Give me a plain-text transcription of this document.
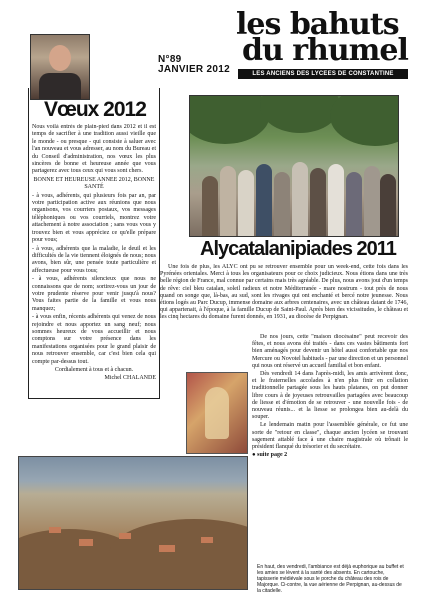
N°89
JANVIER 2012
les bahuts
du rhumel
LES ANCIENS DES LYCEES DE CONSTANTINE
Vœux 2012

Nous voilà entrés de plain-pied dans 2012 et il est temps de sacrifier à une tradition aussi vieille que le monde - ou presque - qui consiste à saluer avec l'an nouveau et vous adresser, au nom du Bureau et du Conseil d'administration, nos vœux les plus sincères de bonne et heureuse année que vous partagerez avec tous ceux qui vous sont chers.

BONNE ET HEUREUSE ANNEE 2012, BONNE SANTÉ

- à vous, adhérents, qui plusieurs fois par an, par votre participation active aux réunions que nous organisons, vos courriers postaux, vos messages téléphoniques ou vos courriels, montrez votre attachement à notre association ; sans vous vous y trouvez bien et vous appréciez ce qu'elle prépare pour vous;

- à vous, adhérents que la maladie, le deuil et les difficultés de la vie tiennent éloignés de nous; nous avons, bien sûr, une pensée toute particulière et affectueuse pour vous tous;

- à vous, adhérents silencieux que nous ne connaissons que de nom; sortirez-vous un jour de votre prudente réserve pour venir jusqu'à nous? Vous faites partie de la famille et vous nous manquez;

- à vous enfin, récents adhérents qui venez de nous rejoindre et nous apportez un sang neuf; nous sommes heureux de vous accueillir et nous comptons sur votre présence dans les manifestations organisées pour le grand plaisir de nous retrouver ensemble, car c'est bien cela qui compte par-dessus tout.

Cordialement à tous et à chacun.

Michel CHALANDE

Alycatalanipiades 2011

Une fois de plus, les ALYC ont pu se retrouver ensemble pour un week-end, cette fois dans les Pyrénées orientales. Merci à tous les organisateurs pour ce choix judicieux. Nous étions dans une très belle région de France, mal connue par certains mais très agréable. De plus, nous avons joui d'un temps de rêve: ciel bleu catalan, soleil radieux et notre Méditerranée - mare nostrum - tout près de nous quand on songe que, là-bas, au sud, sont les rivages qui ont enchanté et bercé notre jeunesse. Nous étions logés au Parc Ducup, immense domaine aux arbres centenaires, avec un château datant de 1746, qui appartenait, à l'époque, à la famille Ducup de Saint-Paul. Après bien des vicissitudes, le château et les cinq hectares du domaine furent donnés, en 1931, au diocèse de Perpignan.

De nos jours, cette "maison diocésaine" peut recevoir des fêtes, et nous avons été traités - dans ces vastes bâtiments fort bien aménagés pour devenir un hôtel aussi confortable que nos Mercure ou Novotel habituels - par une direction et un personnel qui nous ont réservé un accueil familial et bon enfant.

Dès vendredi 14 dans l'après-midi, les amis arrivèrent donc, et le fraternelles accolades à n'en plus finir en collation traditionnelle partagée sous les hauts platanes, on put donner libre cours à de joyeuses retrouvailles partagées avec beaucoup de liesse et d'émotion de se retrouver - une nouvelle fois - de nouveau réunis... et la liesse se prolongea bien au-delà du souper.

Le lendemain matin pour l'assemblée générale, ce fut une sorte de "retour en classe", chaque ancien lycéen se trouvant sagement attablé face à une chaire magistrale où trônait le président flanqué du trésorier et du secrétaire.

● suite page 2

En haut, des vendredi, l'ambiance est déjà euphorique au buffet et les amies se lèvent à la santé des absents. En cartouche, tapisserie médiévale sous le porche du château des rois de Majorque. Ci-contre, la vue aérienne de Perpignan, au-dessus de la citadelle.
